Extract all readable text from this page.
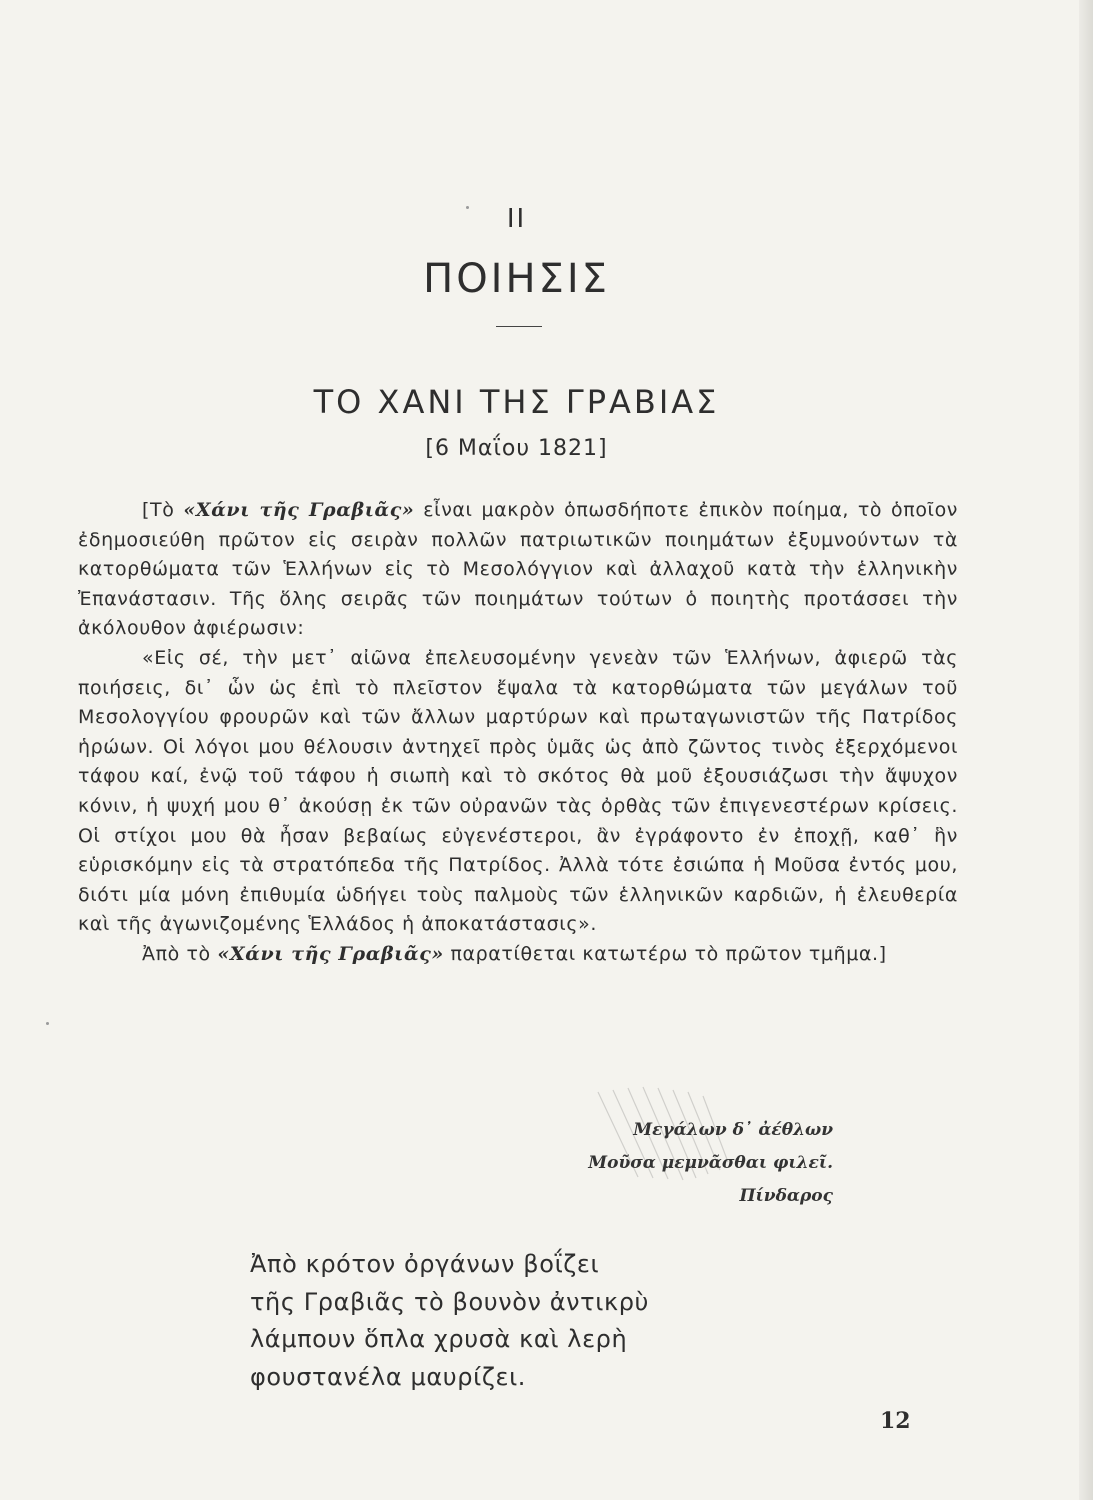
II
ΠΟΙΗΣΙΣ
ΤΟ ΧΑΝΙ ΤΗΣ ΓΡΑΒΙΑΣ
[6 Μαΐου 1821]

[Τὸ «Χάνι τῆς Γραβιᾶς» εἶναι μακρὸν ὁπωσδήποτε ἐπικὸν ποίημα, τὸ ὁποῖον ἐδημοσιεύθη πρῶτον εἰς σειρὰν πολλῶν πατριωτικῶν ποιημάτων ἐξυμνούντων τὰ κατορθώματα τῶν Ἑλλήνων εἰς τὸ Μεσολόγγιον καὶ ἀλλαχοῦ κατὰ τὴν ἑλληνικὴν Ἐπανάστασιν. Τῆς ὅλης σειρᾶς τῶν ποιημάτων τούτων ὁ ποιητὴς προτάσσει τὴν ἀκόλουθον ἀφιέρωσιν:

«Εἰς σέ, τὴν μετ᾽ αἰῶνα ἐπελευσομένην γενεὰν τῶν Ἑλλήνων, ἀφιερῶ τὰς ποιήσεις, δι᾽ ὧν ὡς ἐπὶ τὸ πλεῖστον ἔψαλα τὰ κατορθώματα τῶν μεγάλων τοῦ Μεσολογγίου φρουρῶν καὶ τῶν ἄλλων μαρτύρων καὶ πρωταγωνιστῶν τῆς Πατρίδος ἡρώων. Οἱ λόγοι μου θέλουσιν ἀντηχεῖ πρὸς ὑμᾶς ὡς ἀπὸ ζῶντος τινὸς ἐξερχόμενοι τάφου καί, ἐνῷ τοῦ τάφου ἡ σιωπὴ καὶ τὸ σκότος θὰ μοῦ ἐξουσιάζωσι τὴν ἄψυχον κόνιν, ἡ ψυχή μου θ᾽ ἀκούσῃ ἐκ τῶν οὐρανῶν τὰς ὀρθὰς τῶν ἐπιγενεστέρων κρίσεις. Οἱ στίχοι μου θὰ ἦσαν βεβαίως εὐγενέστεροι, ἂν ἐγράφοντο ἐν ἐποχῇ, καθ᾽ ἣν εὑρισκόμην εἰς τὰ στρατόπεδα τῆς Πατρίδος. Ἀλλὰ τότε ἐσιώπα ἡ Μοῦσα ἐντός μου, διότι μία μόνη ἐπιθυμία ὡδήγει τοὺς παλμοὺς τῶν ἑλληνικῶν καρδιῶν, ἡ ἐλευθερία καὶ τῆς ἀγωνιζομένης Ἑλλάδος ἡ ἀποκατάστασις».

Ἀπὸ τὸ «Χάνι τῆς Γραβιᾶς» παρατίθεται κατωτέρω τὸ πρῶτον τμῆμα.]

Μεγάλων δ᾽ ἀέθλων
Μοῦσα μεμνᾶσθαι φιλεῖ.
Πίνδαρος
Ἀπὸ κρότον ὀργάνων βοΐζει
τῆς Γραβιᾶς τὸ βουνὸν ἀντικρὺ
λάμπουν ὅπλα χρυσὰ καὶ λερὴ
φουστανέλα μαυρίζει.
12
